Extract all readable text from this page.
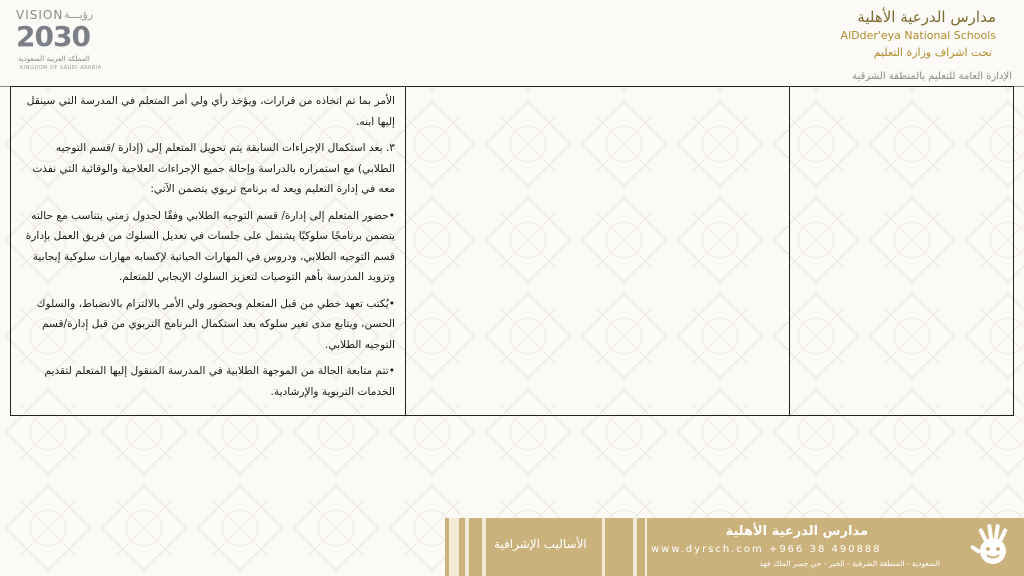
VISION رؤيـــة
2030
المملكة العربية السعودية
KINGDOM OF SAUDI ARABIA
مدارس الدرعية الأهلية
AlDder'eya National Schools
تحت اشراف وزارة التعليم
الإدارة العامة للتعليم بالمنطقة الشرقية

الأمر بما تم اتخاذه من قرارات، ويؤخذ رأي ولي أمر المتعلم في المدرسة التي سينقل إليها ابنه.

٣. بعد استكمال الإجراءات السابقة يتم تحويل المتعلم إلى (إدارة /قسم التوجيه الطلابي) مع استمراره بالدراسة وإحالة جميع الإجراءات العلاجية والوقائية التي نفذت معه في إدارة التعليم ويعد له برنامج تربوي يتضمن الآتي:

•حضور المتعلم إلى إدارة/ قسم التوجيه الطلابي وفقًا لجدول زمني يتناسب مع حالته يتضمن برنامجًا سلوكيًا يشتمل على جلسات في تعديل السلوك من فريق العمل بإدارة قسم التوجيه الطلابي، ودروس في المهارات الحياتية لإكسابه مهارات سلوكية إيجابية وتزويد المدرسة بأهم التوصيات لتعزيز السلوك الإيجابي للمتعلم.

•يُكتب تعهد خطي من قبل المتعلم وبحضور ولي الأمر بالالتزام بالانضباط، والسلوك الحسن، ويتابع مدى تغير سلوكه بعد استكمال البرنامج التربوي من قبل إدارة/قسم التوجيه الطلابي.

•تتم متابعة الحالة من الموجهة الطلابية في المدرسة المنقول إليها المتعلم لتقديم الخدمات التربوية والإرشادية.

الأساليب الإشرافية
مدارس الدرعية الأهلية
www.dyrsch.com +966 38 490888
السعودية - المنطقة الشرقية - الخبر - حي جسر الملك فهد
